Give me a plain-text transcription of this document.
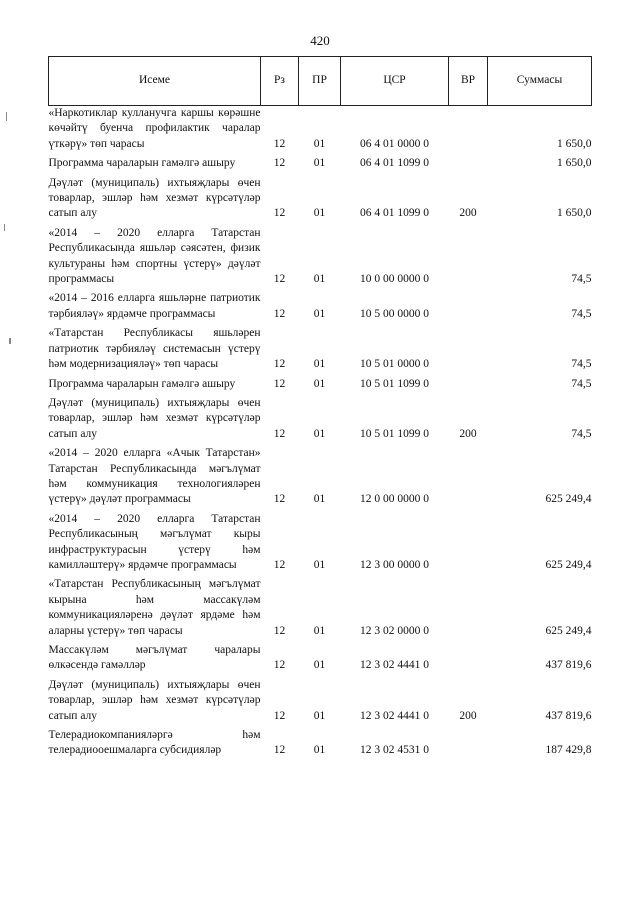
420
Исеме	Рз	ПР	ЦСР	ВР	Суммасы
«Наркотиклар кулланучга каршы көрәшне көчәйтү буенча профилактик чаралар үткәрү» төп чарасы	12	01	06 4 01 0000 0		1 650,0
Программа чараларын гамәлгә ашыру	12	01	06 4 01 1099 0		1 650,0
Дәүләт (муниципаль) ихтыяҗлары өчен товарлар, эшләр һәм хезмәт күрсәтүләр сатып алу	12	01	06 4 01 1099 0	200	1 650,0
«2014 – 2020 елларга Татарстан Республикасында яшьләр сәясәтен, физик культураны һәм спортны үстерү» дәүләт программасы	12	01	10 0 00 0000 0		74,5
«2014 – 2016 елларга яшьләрне патриотик тәрбияләү» ярдәмче программасы	12	01	10 5 00 0000 0		74,5
«Татарстан Республикасы яшьләрен патриотик тәрбияләү системасын үстерү һәм модернизацияләү» төп чарасы	12	01	10 5 01 0000 0		74,5
Программа чараларын гамәлгә ашыру	12	01	10 5 01 1099 0		74,5
Дәүләт (муниципаль) ихтыяҗлары өчен товарлар, эшләр һәм хезмәт күрсәтүләр сатып алу	12	01	10 5 01 1099 0	200	74,5
«2014 – 2020 елларга «Ачык Татарстан» Татарстан Республикасында мәгълүмат һәм коммуникация технологияләрен үстерү» дәүләт программасы	12	01	12 0 00 0000 0		625 249,4
«2014 – 2020 елларга Татарстан Республикасының мәгълүмат кыры инфраструктурасын үстерү һәм камилләштерү» ярдәмче программасы	12	01	12 3 00 0000 0		625 249,4
«Татарстан Республикасының мәгълүмат кырына һәм массакүләм коммуникацияләренә дәүләт ярдәме һәм аларны үстерү» төп чарасы	12	01	12 3 02 0000 0		625 249,4
Массакүләм мәгълүмат чаралары өлкәсендә гамәлләр	12	01	12 3 02 4441 0		437 819,6
Дәүләт (муниципаль) ихтыяҗлары өчен товарлар, эшләр һәм хезмәт күрсәтүләр сатып алу	12	01	12 3 02 4441 0	200	437 819,6
Телерадиокомпанияләргә һәм телерадиооешмаларга субсидияләр	12	01	12 3 02 4531 0		187 429,8
